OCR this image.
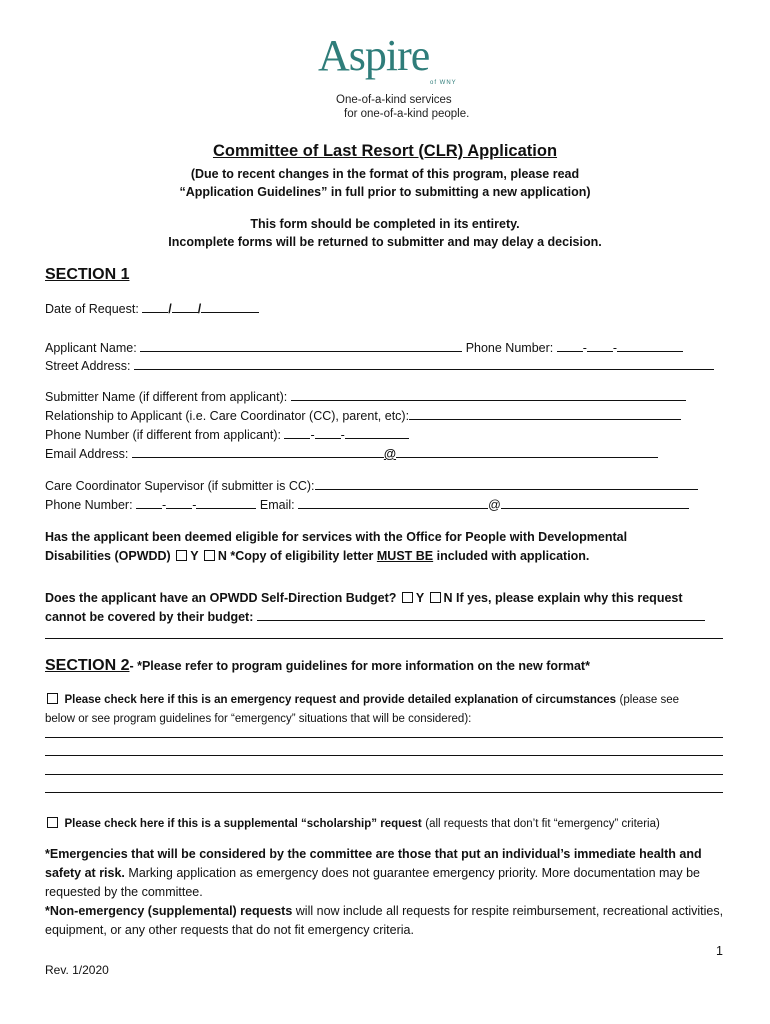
Aspire
of WNY
One-of-a-kind services
for one-of-a-kind people.
Committee of Last Resort (CLR) Application
(Due to recent changes in the format of this program, please read
“Application Guidelines” in full prior to submitting a new application)
This form should be completed in its entirety.
Incomplete forms will be returned to submitter and may delay a decision.
SECTION 1
Date of Request: / /
Applicant Name:	Phone Number: - -
Street Address:
Submitter Name (if different from applicant):
Relationship to Applicant (i.e. Care Coordinator (CC), parent, etc):
Phone Number (if different from applicant): - -
Email Address:	@
Care Coordinator Supervisor (if submitter is CC):
Phone Number: - -	Email:	@
Has the applicant been deemed eligible for services with the Office for People with Developmental
Disabilities (OPWDD) Y N *Copy of eligibility letter MUST BE included with application.
Does the applicant have an OPWDD Self-Direction Budget? Y N If yes, please explain why this request
cannot be covered by their budget:
SECTION 2- *Please refer to program guidelines for more information on the new format*
Please check here if this is an emergency request and provide detailed explanation of circumstances (please see
below or see program guidelines for “emergency” situations that will be considered):
Please check here if this is a supplemental “scholarship” request (all requests that don’t fit “emergency” criteria)
*Emergencies that will be considered by the committee are those that put an individual’s immediate health and safety at risk. Marking application as emergency does not guarantee emergency priority. More documentation may be requested by the committee.
*Non-emergency (supplemental) requests will now include all requests for respite reimbursement, recreational activities, equipment, or any other requests that do not fit emergency criteria.
1
Rev. 1/2020
